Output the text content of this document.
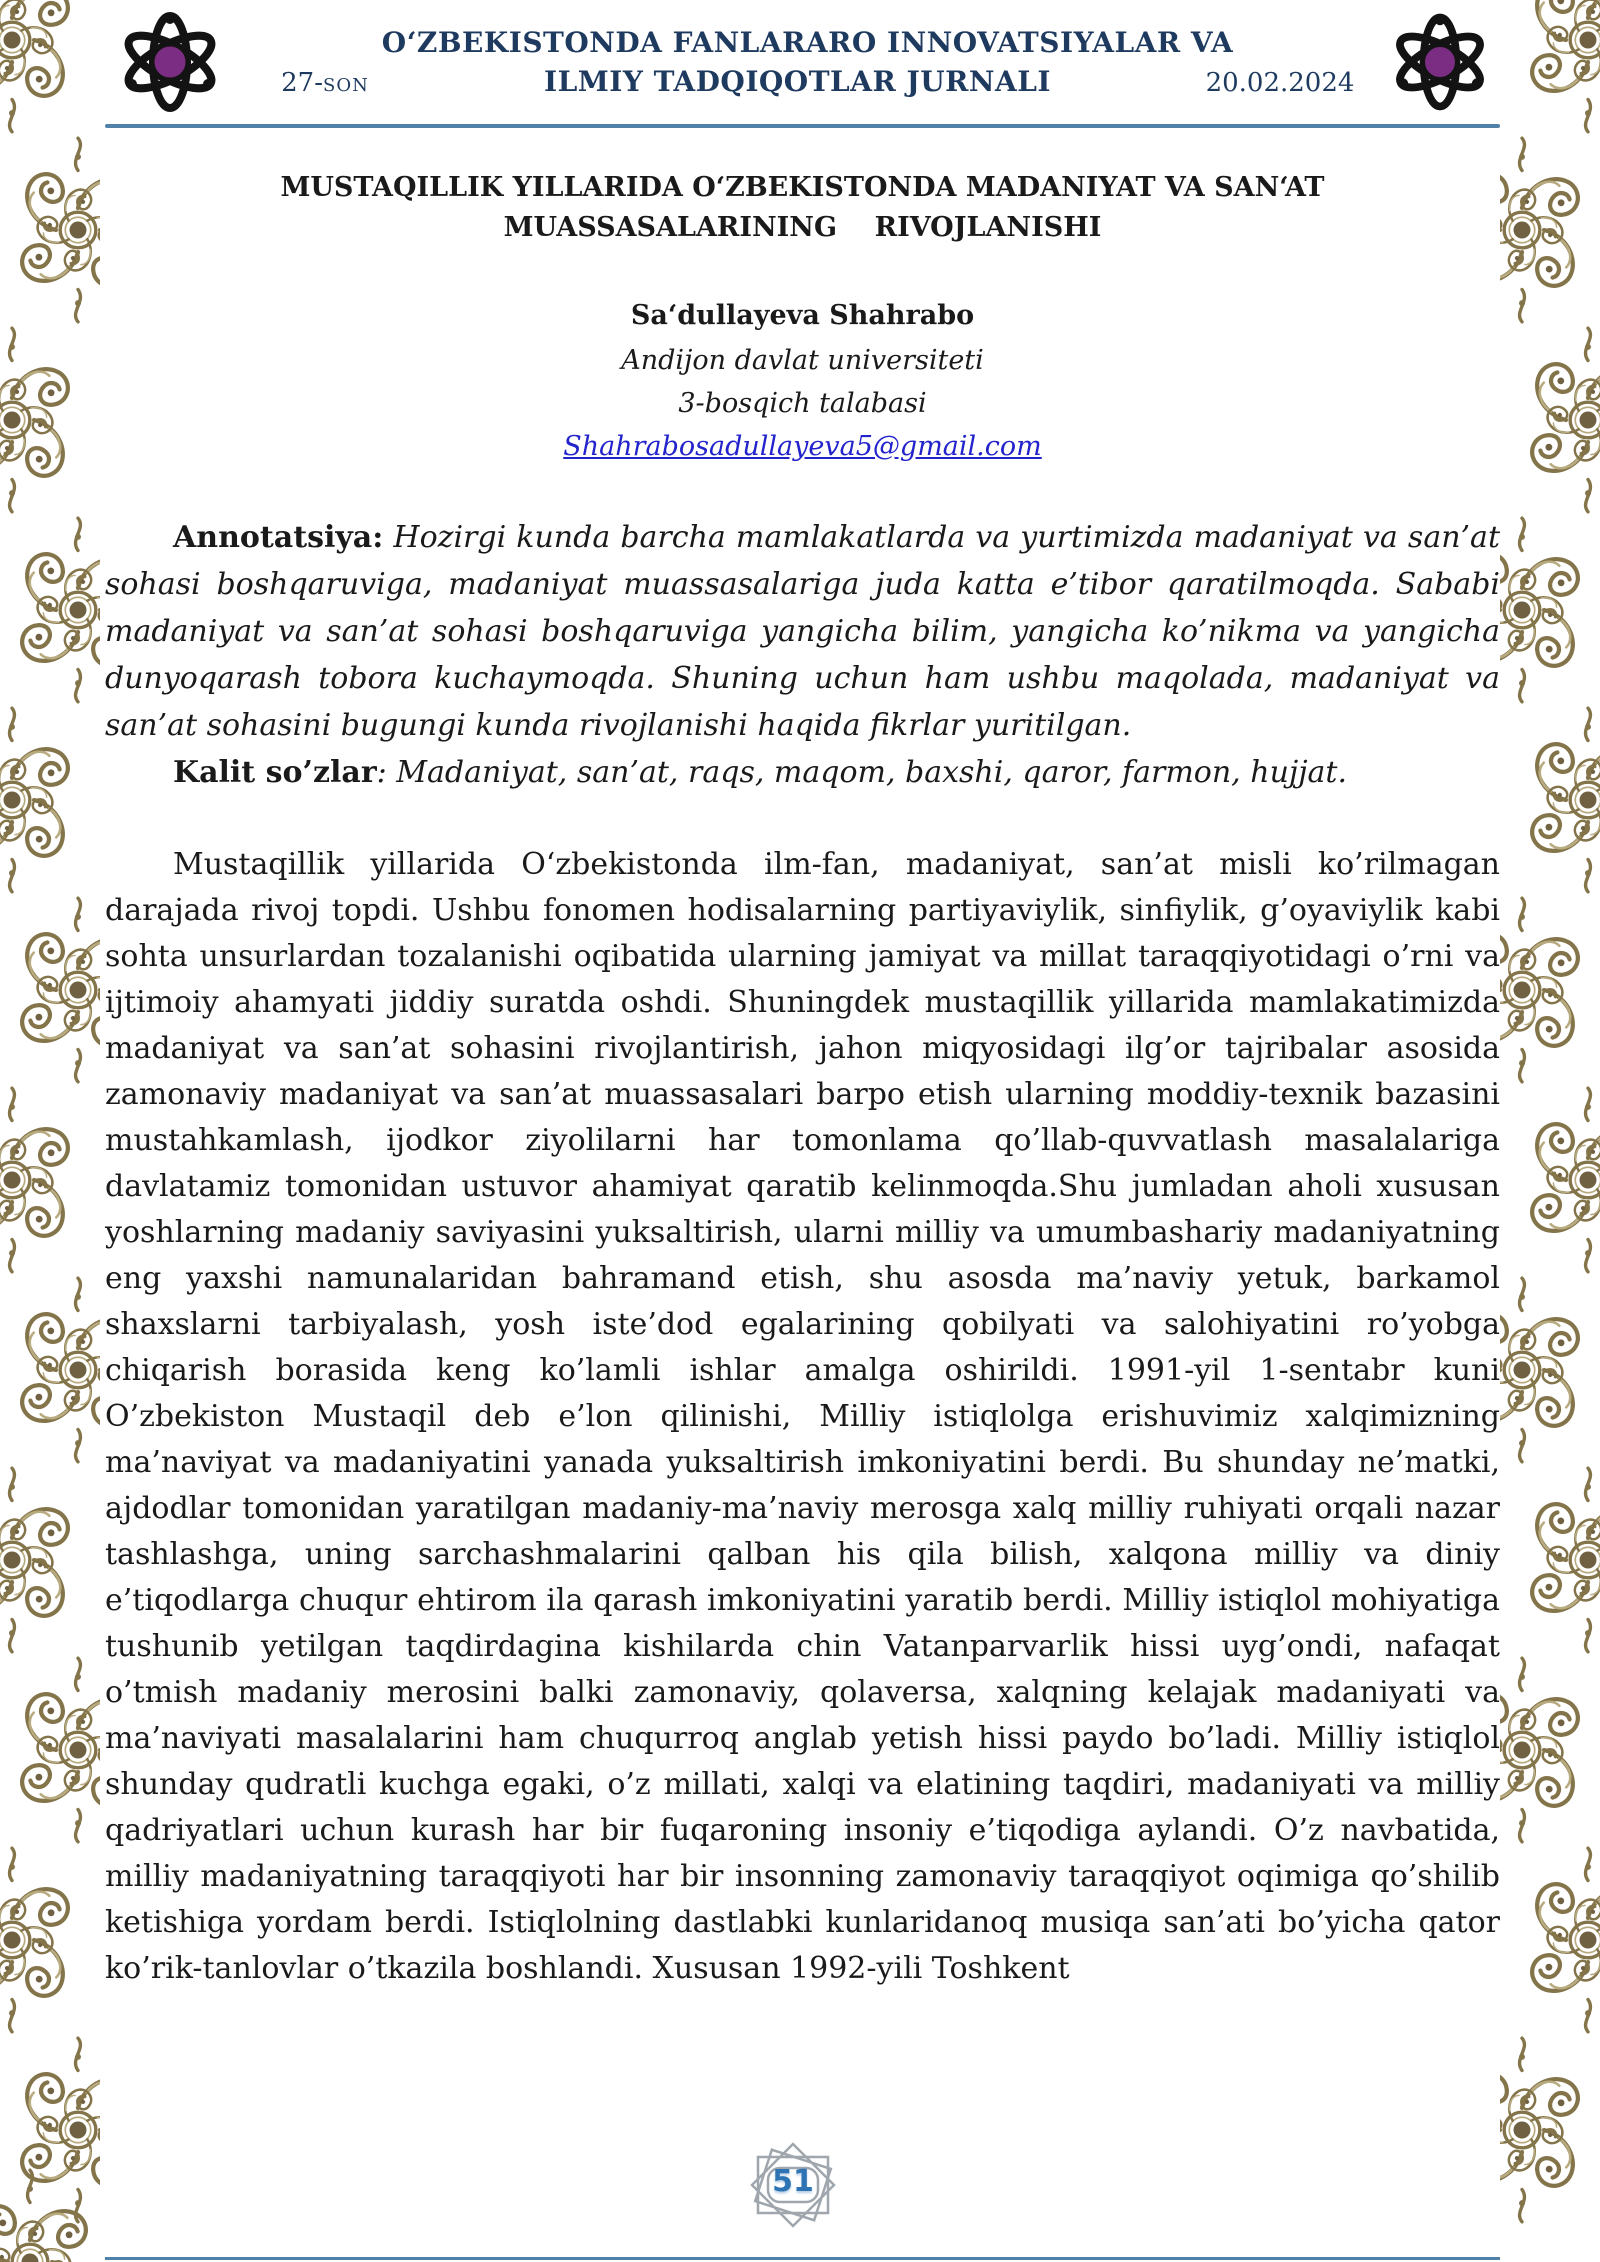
OʻZBEKISTONDA FANLARARO INNOVATSIYALAR VA
27-SON	ILMIY TADQIQOTLAR JURNALI	20.02.2024
MUSTAQILLIK YILLARIDA OʻZBEKISTONDA MADANIYAT VA SANʻAT
MUASSASALARINING    RIVOJLANISHI
Saʻdullayeva Shahrabo
Andijon davlat universiteti
3-bosqich talabasi
Shahrabosadullayeva5@gmail.com
Annotatsiya: Hozirgi kunda barcha mamlakatlarda va yurtimizda madaniyat va san’at sohasi boshqaruviga, madaniyat muassasalariga juda katta e’tibor qaratilmoqda. Sababi madaniyat va san’at sohasi boshqaruviga yangicha bilim, yangicha ko’nikma va yangicha dunyoqarash tobora kuchaymoqda. Shuning uchun ham ushbu maqolada, madaniyat va san’at sohasini bugungi kunda rivojlanishi haqida fikrlar yuritilgan.
Kalit so’zlar: Madaniyat, san’at, raqs, maqom, baxshi, qaror, farmon, hujjat.
Mustaqillik yillarida Oʻzbekistonda ilm-fan, madaniyat, san’at misli ko’rilmagan darajada rivoj topdi. Ushbu fonomen hodisalarning partiyaviylik, sinfiylik, g’oyaviylik kabi sohta unsurlardan tozalanishi oqibatida ularning jamiyat va millat taraqqiyotidagi o’rni va ijtimoiy ahamyati jiddiy suratda oshdi. Shuningdek mustaqillik yillarida mamlakatimizda madaniyat va san’at sohasini rivojlantirish, jahon miqyosidagi ilg’or tajribalar asosida zamonaviy madaniyat va san’at muassasalari barpo etish ularning moddiy-texnik bazasini mustahkamlash, ijodkor ziyolilarni har tomonlama qo’llab-quvvatlash masalalariga davlatamiz tomonidan ustuvor ahamiyat qaratib kelinmoqda.Shu jumladan aholi xususan yoshlarning madaniy saviyasini yuksaltirish, ularni milliy va umumbashariy madaniyatning eng yaxshi namunalaridan bahramand etish, shu asosda ma’naviy yetuk, barkamol shaxslarni tarbiyalash, yosh iste’dod egalarining qobilyati va salohiyatini ro’yobga chiqarish borasida keng ko’lamli ishlar amalga oshirildi. 1991-yil 1-sentabr kuni O’zbekiston Mustaqil deb e’lon qilinishi, Milliy istiqlolga erishuvimiz xalqimizning ma’naviyat va madaniyatini yanada yuksaltirish imkoniyatini berdi. Bu shunday ne’matki, ajdodlar tomonidan yaratilgan madaniy-ma’naviy merosga xalq milliy ruhiyati orqali nazar tashlashga, uning sarchashmalarini qalban his qila bilish, xalqona milliy va diniy e’tiqodlarga chuqur ehtirom ila qarash imkoniyatini yaratib berdi. Milliy istiqlol mohiyatiga tushunib yetilgan taqdirdagina kishilarda chin Vatanparvarlik hissi uyg’ondi, nafaqat o’tmish madaniy merosini balki zamonaviy, qolaversa, xalqning kelajak madaniyati va ma’naviyati masalalarini ham chuqurroq anglab yetish hissi paydo bo’ladi. Milliy istiqlol shunday qudratli kuchga egaki, o’z millati, xalqi va elatining taqdiri, madaniyati va milliy qadriyatlari uchun kurash har bir fuqaroning insoniy e’tiqodiga aylandi. O’z navbatida, milliy madaniyatning taraqqiyoti har bir insonning zamonaviy taraqqiyot oqimiga qo’shilib ketishiga yordam berdi. Istiqlolning dastlabki kunlaridanoq musiqa san’ati bo’yicha qator ko’rik-tanlovlar o’tkazila boshlandi. Xususan 1992-yili Toshkent
51
